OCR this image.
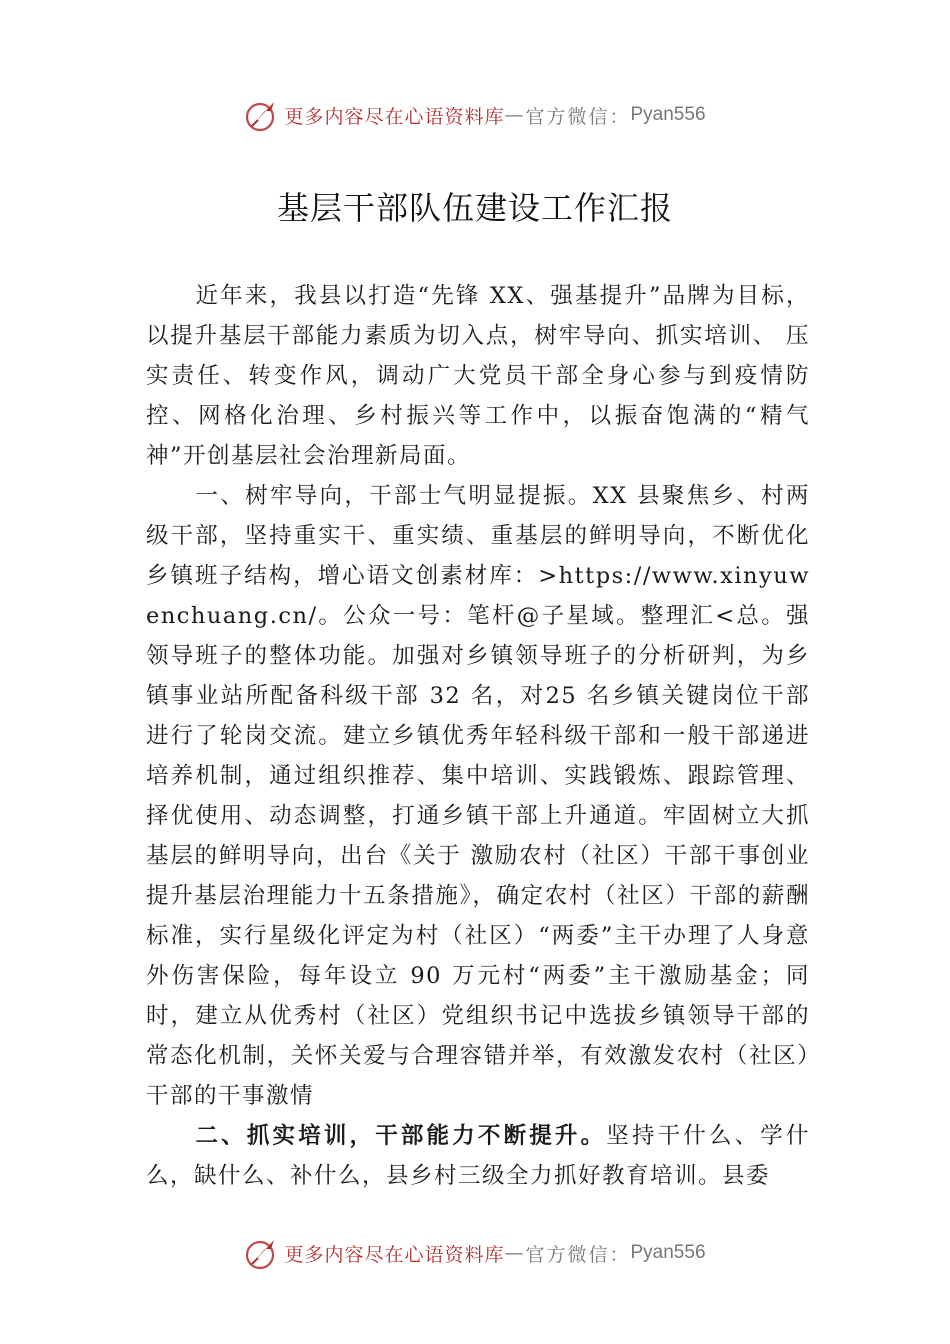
更多内容尽在心语资料库 — 官方微信： Pyan556
基层干部队伍建设工作汇报

近年来，我县以打造“先锋 XX、强基提升”品牌为目标，以提升基层干部能力素质为切入点，树牢导向、抓实培训、 压实责任、转变作风，调动广大党员干部全身心参与到疫情防控、网格化治理、乡村振兴等工作中，以振奋饱满的“精气神”开创基层社会治理新局面。

一、树牢导向，干部士气明显提振。XX 县聚焦乡、村两级干部，坚持重实干、重实绩、重基层的鲜明导向，不断优化乡镇班子结构，增心语文创素材库：>https://www.xinyuwenchuang.cn/。公众一号：笔杆@子星域。整理汇<总。强领导班子的整体功能。加强对乡镇领导班子的分析研判，为乡镇事业站所配备科级干部 32 名，对25 名乡镇关键岗位干部进行了轮岗交流。建立乡镇优秀年轻科级干部和一般干部递进培养机制，通过组织推荐、集中培训、实践锻炼、跟踪管理、择优使用、动态调整，打通乡镇干部上升通道。牢固树立大抓基层的鲜明导向，出台《关于 激励农村（社区）干部干事创业提升基层治理能力十五条措施》，确定农村（社区）干部的薪酬标准，实行星级化评定为村（社区）“两委”主干办理了人身意外伤害保险，每年设立 90 万元村“两委”主干激励基金；同时，建立从优秀村（社区）党组织书记中选拔乡镇领导干部的常态化机制，关怀关爱与合理容错并举，有效激发农村（社区）干部的干事激情

二、抓实培训，干部能力不断提升。坚持干什么、学什么，缺什么、补什么，县乡村三级全力抓好教育培训。县委

更多内容尽在心语资料库 — 官方微信： Pyan556
